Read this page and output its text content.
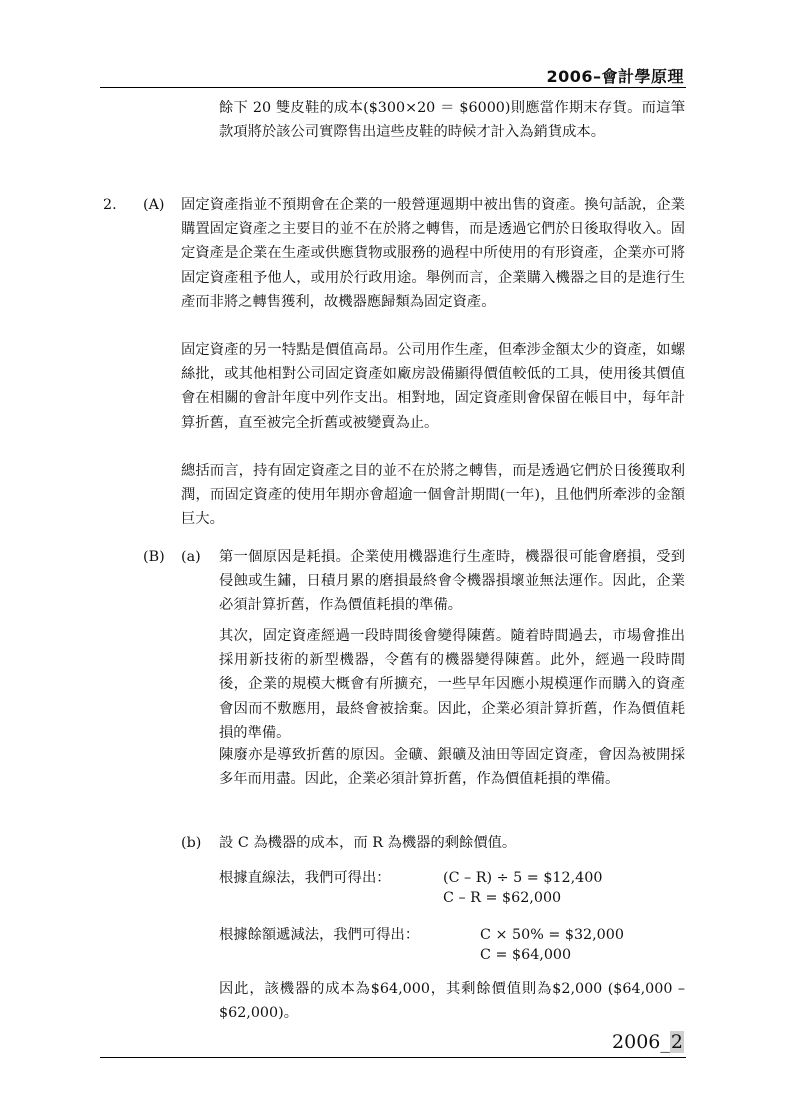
2006–會計學原理

餘下 20 雙皮鞋的成本($300×20 ＝ $6000)則應當作期末存貨。而這筆款項將於該公司實際售出這些皮鞋的時候才計入為銷貨成本。

2. (A) 固定資產指並不預期會在企業的一般營運週期中被出售的資產。換句話說，企業購置固定資產之主要目的並不在於將之轉售，而是透過它們於日後取得收入。固定資產是企業在生產或供應貨物或服務的過程中所使用的有形資產，企業亦可將固定資產租予他人，或用於行政用途。舉例而言，企業購入機器之目的是進行生產而非將之轉售獲利，故機器應歸類為固定資產。

固定資產的另一特點是價值高昂。公司用作生產，但牽涉金額太少的資產，如螺絲批，或其他相對公司固定資產如廠房設備顯得價值較低的工具，使用後其價值會在相關的會計年度中列作支出。相對地，固定資產則會保留在帳目中，每年計算折舊，直至被完全折舊或被變賣為止。

總括而言，持有固定資產之目的並不在於將之轉售，而是透過它們於日後獲取利潤，而固定資產的使用年期亦會超逾一個會計期間(一年)，且他們所牽涉的金額巨大。

(B) (a) 第一個原因是耗損。企業使用機器進行生產時，機器很可能會磨損，受到侵蝕或生鏽，日積月累的磨損最終會令機器損壞並無法運作。因此，企業必須計算折舊，作為價值耗損的準備。

其次，固定資產經過一段時間後會變得陳舊。隨着時間過去，市場會推出採用新技術的新型機器，令舊有的機器變得陳舊。此外，經過一段時間後，企業的規模大概會有所擴充，一些早年因應小規模運作而購入的資產會因而不敷應用，最終會被捨棄。因此，企業必須計算折舊，作為價值耗損的準備。

陳廢亦是導致折舊的原因。金礦、銀礦及油田等固定資產，會因為被開採多年而用盡。因此，企業必須計算折舊，作為價值耗損的準備。

(b) 設 C 為機器的成本，而 R 為機器的剩餘價值。

根據直線法，我們可得出：	(C – R) ÷ 5 = $12,400
C – R = $62,000
根據餘額遞減法，我們可得出：	C × 50% = $32,000
C = $64,000

因此，該機器的成本為$64,000，其剩餘價值則為$2,000 ($64,000 – $62,000)。

2006_2
